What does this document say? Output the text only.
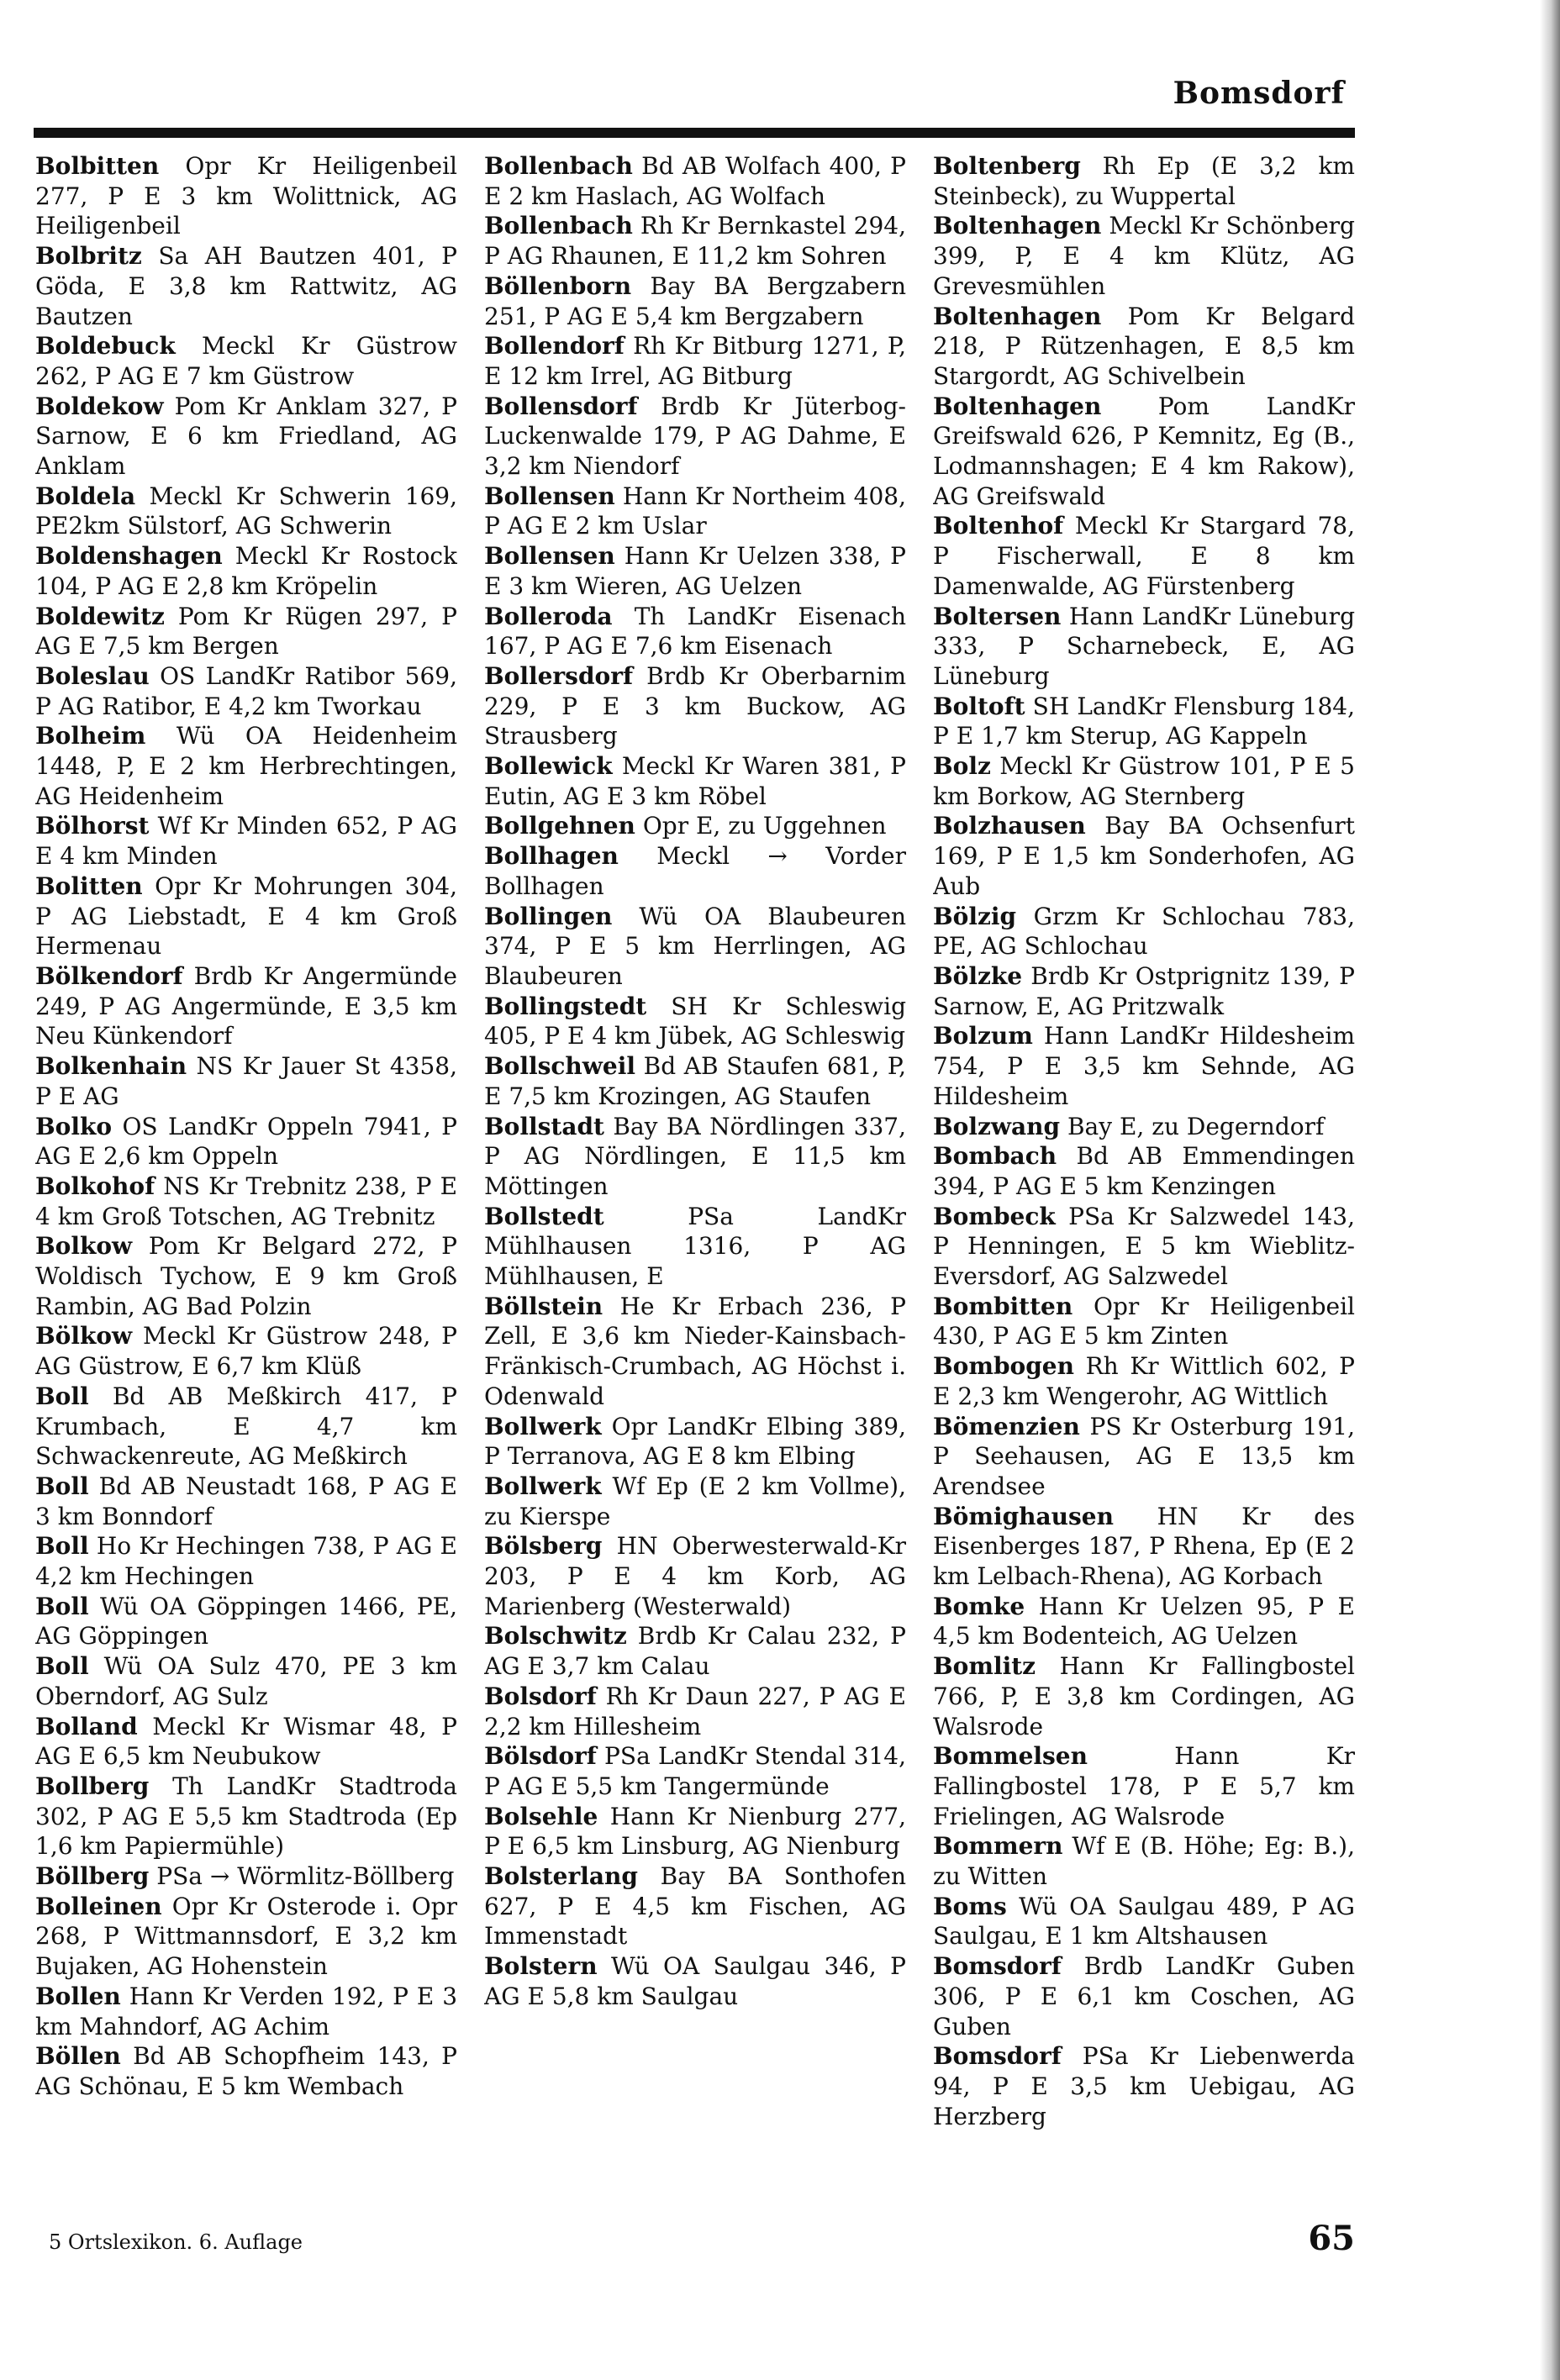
Bomsdorf

Bolbitten Opr Kr Heiligenbeil 277, P E 3 km Wolittnick, AG Heiligenbeil

Bolbritz Sa AH Bautzen 401, P Göda, E 3,8 km Rattwitz, AG Bautzen

Boldebuck Meckl Kr Güstrow 262, P AG E 7 km Güstrow

Boldekow Pom Kr Anklam 327, P Sarnow, E 6 km Friedland, AG Anklam

Boldela Meckl Kr Schwerin 169, PE2km Sülstorf, AG Schwerin

Boldenshagen Meckl Kr Rostock 104, P AG E 2,8 km Kröpelin

Boldewitz Pom Kr Rügen 297, P AG E 7,5 km Bergen

Boleslau OS LandKr Ratibor 569, P AG Ratibor, E 4,2 km Tworkau

Bolheim Wü OA Heidenheim 1448, P, E 2 km Herbrechtingen, AG Heidenheim

Bölhorst Wf Kr Minden 652, P AG E 4 km Minden

Bolitten Opr Kr Mohrungen 304, P AG Liebstadt, E 4 km Groß Hermenau

Bölkendorf Brdb Kr Angermünde 249, P AG Angermünde, E 3,5 km Neu Künkendorf

Bolkenhain NS Kr Jauer St 4358, P E AG

Bolko OS LandKr Oppeln 7941, P AG E 2,6 km Oppeln

Bolkohof NS Kr Trebnitz 238, P E 4 km Groß Totschen, AG Trebnitz

Bolkow Pom Kr Belgard 272, P Woldisch Tychow, E 9 km Groß Rambin, AG Bad Polzin

Bölkow Meckl Kr Güstrow 248, P AG Güstrow, E 6,7 km Klüß

Boll Bd AB Meßkirch 417, P Krumbach, E 4,7 km Schwackenreute, AG Meßkirch

Boll Bd AB Neustadt 168, P AG E 3 km Bonndorf

Boll Ho Kr Hechingen 738, P AG E 4,2 km Hechingen

Boll Wü OA Göppingen 1466, PE, AG Göppingen

Boll Wü OA Sulz 470, PE 3 km Oberndorf, AG Sulz

Bolland Meckl Kr Wismar 48, P AG E 6,5 km Neubukow

Bollberg Th LandKr Stadtroda 302, P AG E 5,5 km Stadtroda (Ep 1,6 km Papiermühle)

Böllberg PSa → Wörmlitz-Böllberg

Bolleinen Opr Kr Osterode i. Opr 268, P Wittmannsdorf, E 3,2 km Bujaken, AG Hohenstein

Bollen Hann Kr Verden 192, P E 3 km Mahndorf, AG Achim

Böllen Bd AB Schopfheim 143, P AG Schönau, E 5 km Wembach

Bollenbach Bd AB Wolfach 400, P E 2 km Haslach, AG Wolfach

Bollenbach Rh Kr Bernkastel 294, P AG Rhaunen, E 11,2 km Sohren

Böllenborn Bay BA Bergzabern 251, P AG E 5,4 km Bergzabern

Bollendorf Rh Kr Bitburg 1271, P, E 12 km Irrel, AG Bitburg

Bollensdorf Brdb Kr Jüterbog-Luckenwalde 179, P AG Dahme, E 3,2 km Niendorf

Bollensen Hann Kr Northeim 408, P AG E 2 km Uslar

Bollensen Hann Kr Uelzen 338, P E 3 km Wieren, AG Uelzen

Bolleroda Th LandKr Eisenach 167, P AG E 7,6 km Eisenach

Bollersdorf Brdb Kr Oberbarnim 229, P E 3 km Buckow, AG Strausberg

Bollewick Meckl Kr Waren 381, P Eutin, AG E 3 km Röbel

Bollgehnen Opr E, zu Uggehnen

Bollhagen Meckl → Vorder Bollhagen

Bollingen Wü OA Blaubeuren 374, P E 5 km Herrlingen, AG Blaubeuren

Bollingstedt SH Kr Schleswig 405, P E 4 km Jübek, AG Schleswig

Bollschweil Bd AB Staufen 681, P, E 7,5 km Krozingen, AG Staufen

Bollstadt Bay BA Nördlingen 337, P AG Nördlingen, E 11,5 km Möttingen

Bollstedt	PSa LandKr Mühlhausen 1316, P AG Mühlhausen, E

Böllstein He Kr Erbach 236, P Zell, E 3,6 km Nieder-Kainsbach-Fränkisch-Crumbach, AG Höchst i. Odenwald

Bollwerk Opr LandKr Elbing 389, P Terranova, AG E 8 km Elbing

Bollwerk Wf Ep (E 2 km Vollme), zu Kierspe

Bölsberg HN Oberwesterwald-Kr 203, P E 4 km Korb, AG Marienberg (Westerwald)

Bolschwitz Brdb Kr Calau 232, P AG E 3,7 km Calau

Bolsdorf Rh Kr Daun 227, P AG E 2,2 km Hillesheim

Bölsdorf PSa LandKr Stendal 314, P AG E 5,5 km Tangermünde

Bolsehle Hann Kr Nienburg 277, P E 6,5 km Linsburg, AG Nienburg

Bolsterlang Bay BA Sonthofen 627, P E 4,5 km Fischen, AG Immenstadt

Bolstern Wü OA Saulgau 346, P AG E 5,8 km Saulgau

Boltenberg Rh Ep (E 3,2 km Steinbeck), zu Wuppertal

Boltenhagen Meckl Kr Schönberg 399, P, E 4 km Klütz, AG Grevesmühlen

Boltenhagen Pom Kr Belgard 218, P Rützenhagen, E 8,5 km Stargordt, AG Schivelbein

Boltenhagen Pom LandKr Greifswald 626, P Kemnitz, Eg (B., Lodmannshagen; E 4 km Rakow), AG Greifswald

Boltenhof Meckl Kr Stargard 78, P Fischerwall, E 8 km Damenwalde, AG Fürstenberg

Boltersen Hann LandKr Lüneburg 333, P Scharnebeck, E, AG Lüneburg

Boltoft SH LandKr Flensburg 184, P E 1,7 km Sterup, AG Kappeln

Bolz Meckl Kr Güstrow 101, P E 5 km Borkow, AG Sternberg

Bolzhausen Bay BA Ochsenfurt 169, P E 1,5 km Sonderhofen, AG Aub

Bölzig Grzm Kr Schlochau 783, PE, AG Schlochau

Bölzke Brdb Kr Ostprignitz 139, P Sarnow, E, AG Pritzwalk

Bolzum Hann LandKr Hildesheim 754, P E 3,5 km Sehnde, AG Hildesheim

Bolzwang Bay E, zu Degerndorf

Bombach Bd AB Emmendingen 394, P AG E 5 km Kenzingen

Bombeck PSa Kr Salzwedel 143, P Henningen, E 5 km Wieblitz-Eversdorf, AG Salzwedel

Bombitten Opr Kr Heiligenbeil 430, P AG E 5 km Zinten

Bombogen Rh Kr Wittlich 602, P E 2,3 km Wengerohr, AG Wittlich

Bömenzien PS Kr Osterburg 191, P Seehausen, AG E 13,5 km Arendsee

Bömighausen HN Kr des Eisenberges 187, P Rhena, Ep (E 2 km Lelbach-Rhena), AG Korbach

Bomke Hann Kr Uelzen 95, P E 4,5 km Bodenteich, AG Uelzen

Bomlitz Hann Kr Fallingbostel 766, P, E 3,8 km Cordingen, AG Walsrode

Bommelsen	Hann Kr Fallingbostel 178, P E 5,7 km Frielingen, AG Walsrode

Bommern Wf E (B. Höhe; Eg: B.), zu Witten

Boms Wü OA Saulgau 489, P AG Saulgau, E 1 km Altshausen

Bomsdorf Brdb LandKr Guben 306, P E 6,1 km Coschen, AG Guben

Bomsdorf PSa Kr Liebenwerda 94, P E 3,5 km Uebigau, AG Herzberg

5 Ortslexikon. 6. Auflage	65
